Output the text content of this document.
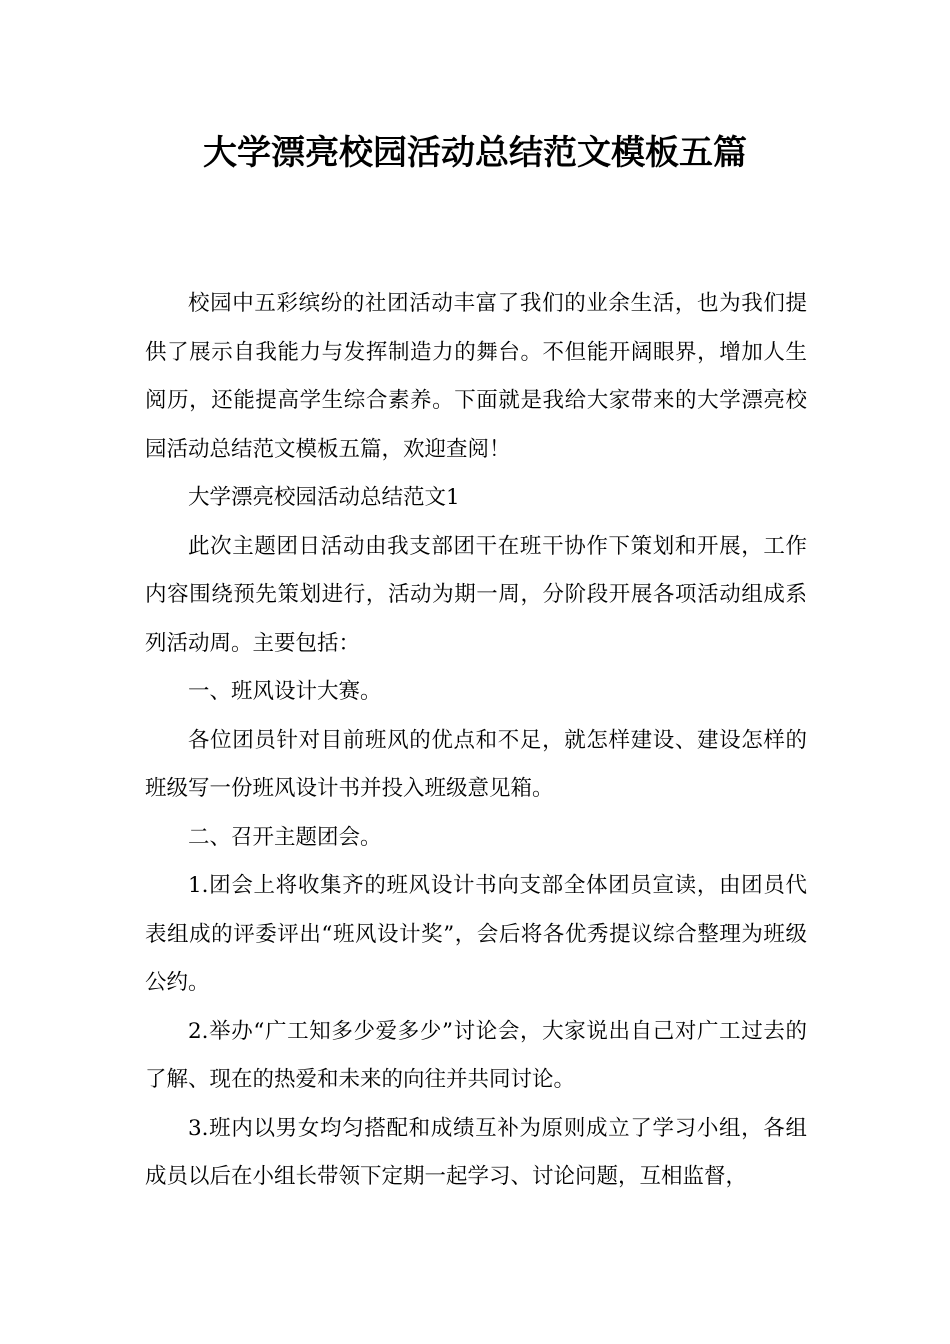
大学漂亮校园活动总结范文模板五篇

校园中五彩缤纷的社团活动丰富了我们的业余生活，也为我们提供了展示自我能力与发挥制造力的舞台。不但能开阔眼界，增加人生阅历，还能提高学生综合素养。下面就是我给大家带来的大学漂亮校园活动总结范文模板五篇，欢迎查阅！

大学漂亮校园活动总结范文1

此次主题团日活动由我支部团干在班干协作下策划和开展，工作内容围绕预先策划进行，活动为期一周，分阶段开展各项活动组成系列活动周。主要包括：

一、班风设计大赛。

各位团员针对目前班风的优点和不足，就怎样建设、建设怎样的班级写一份班风设计书并投入班级意见箱。

二、召开主题团会。

1.团会上将收集齐的班风设计书向支部全体团员宣读，由团员代表组成的评委评出“班风设计奖”，会后将各优秀提议综合整理为班级公约。

2.举办“广工知多少爱多少”讨论会，大家说出自己对广工过去的了解、现在的热爱和未来的向往并共同讨论。

3.班内以男女均匀搭配和成绩互补为原则成立了学习小组，各组成员以后在小组长带领下定期一起学习、讨论问题，互相监督，
